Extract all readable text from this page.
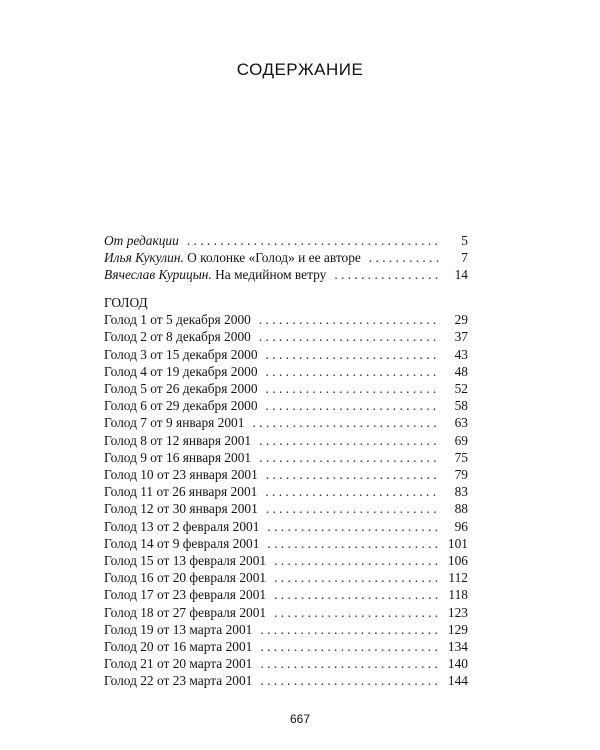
СОДЕРЖАНИЕ
От редакции . . .	5
Илья Кукулин. О колонке «Голод» и ее авторе . . .	7
Вячеслав Курицын. На медийном ветру . . .	14
ГОЛОД
Голод 1 от 5 декабря 2000 . . .	29
Голод 2 от 8 декабря 2000 . . .	37
Голод 3 от 15 декабря 2000 . . .	43
Голод 4 от 19 декабря 2000 . . .	48
Голод 5 от 26 декабря 2000 . . .	52
Голод 6 от 29 декабря 2000 . . .	58
Голод 7 от 9 января 2001 . . .	63
Голод 8 от 12 января 2001 . . .	69
Голод 9 от 16 января 2001 . . .	75
Голод 10 от 23 января 2001 . . .	79
Голод 11 от 26 января 2001 . . .	83
Голод 12 от 30 января 2001 . . .	88
Голод 13 от 2 февраля 2001 . . .	96
Голод 14 от 9 февраля 2001 . . .	101
Голод 15 от 13 февраля 2001 . . .	106
Голод 16 от 20 февраля 2001 . . .	112
Голод 17 от 23 февраля 2001 . . .	118
Голод 18 от 27 февраля 2001 . . .	123
Голод 19 от 13 марта 2001 . . .	129
Голод 20 от 16 марта 2001 . . .	134
Голод 21 от 20 марта 2001 . . .	140
Голод 22 от 23 марта 2001 . . .	144
667
